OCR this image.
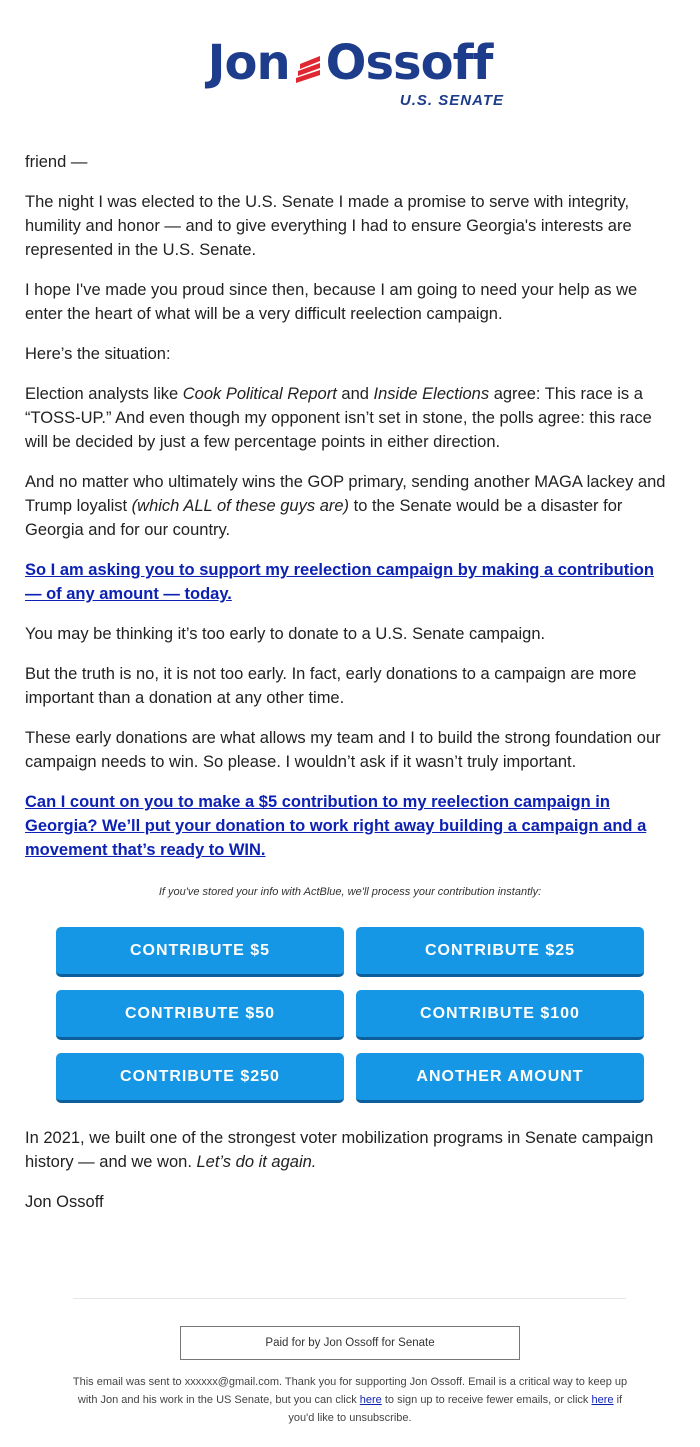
Jon Ossoff
U.S. SENATE

friend —

The night I was elected to the U.S. Senate I made a promise to serve with integrity, humility and honor — and to give everything I had to ensure Georgia's interests are represented in the U.S. Senate.

I hope I've made you proud since then, because I am going to need your help as we enter the heart of what will be a very difficult reelection campaign.

Here’s the situation:

Election analysts like Cook Political Report and Inside Elections agree: This race is a “TOSS-UP.” And even though my opponent isn’t set in stone, the polls agree: this race will be decided by just a few percentage points in either direction.

And no matter who ultimately wins the GOP primary, sending another MAGA lackey and Trump loyalist (which ALL of these guys are) to the Senate would be a disaster for Georgia and for our country.

So I am asking you to support my reelection campaign by making a contribution — of any amount — today.

You may be thinking it’s too early to donate to a U.S. Senate campaign.

But the truth is no, it is not too early. In fact, early donations to a campaign are more important than a donation at any other time.

These early donations are what allows my team and I to build the strong foundation our campaign needs to win. So please. I wouldn’t ask if it wasn’t truly important.

Can I count on you to make a $5 contribution to my reelection campaign in Georgia? We’ll put your donation to work right away building a campaign and a movement that’s ready to WIN.

If you've stored your info with ActBlue, we'll process your contribution instantly:
CONTRIBUTE $5	CONTRIBUTE $25
CONTRIBUTE $50	CONTRIBUTE $100
CONTRIBUTE $250	ANOTHER AMOUNT

In 2021, we built one of the strongest voter mobilization programs in Senate campaign history — and we won. Let’s do it again.

Jon Ossoff

Paid for by Jon Ossoff for Senate
This email was sent to xxxxxx@gmail.com. Thank you for supporting Jon Ossoff. Email is a critical way to keep up with Jon and his work in the US Senate, but you can click here to sign up to receive fewer emails, or click here if you'd like to unsubscribe.
